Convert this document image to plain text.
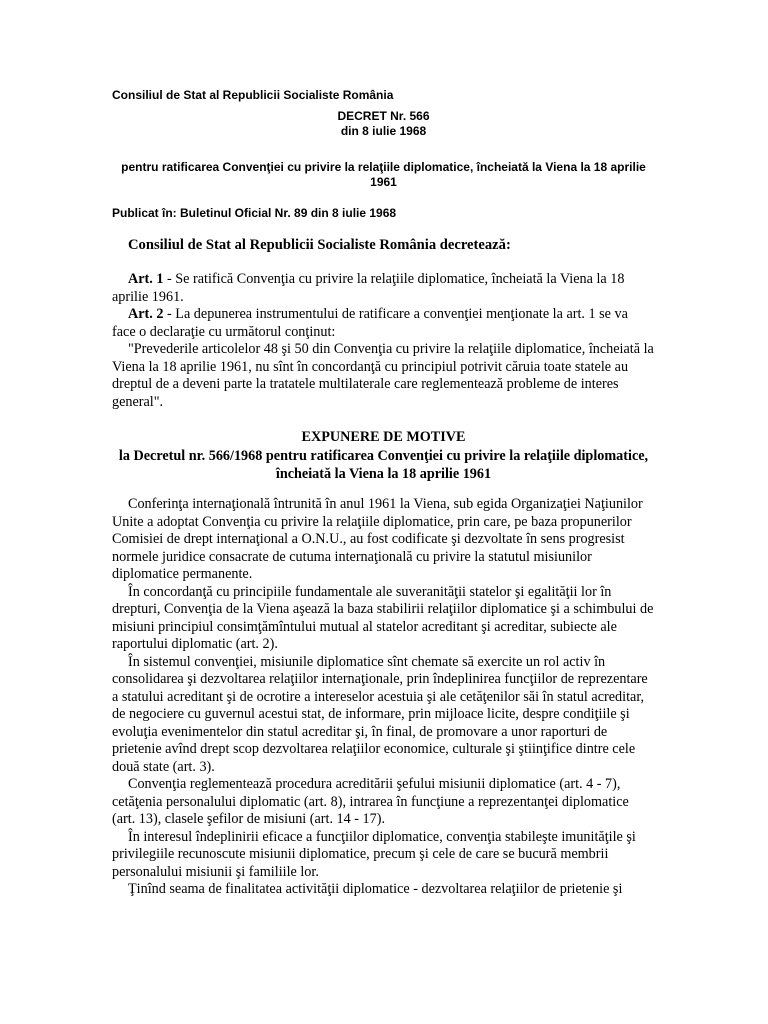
Consiliul de Stat al Republicii Socialiste România
DECRET Nr. 566
din 8 iulie 1968
pentru ratificarea Convenţiei cu privire la relaţiile diplomatice, încheiată la Viena la 18 aprilie 1961
Publicat în: Buletinul Oficial Nr. 89 din 8 iulie 1968
Consiliul de Stat al Republicii Socialiste România decretează:

Art. 1 - Se ratifică Convenţia cu privire la relaţiile diplomatice, încheiată la Viena la 18 aprilie 1961.

Art. 2 - La depunerea instrumentului de ratificare a convenţiei menţionate la art. 1 se va face o declaraţie cu următorul conţinut:

"Prevederile articolelor 48 şi 50 din Convenţia cu privire la relaţiile diplomatice, încheiată la Viena la 18 aprilie 1961, nu sînt în concordanţă cu principiul potrivit căruia toate statele au dreptul de a deveni parte la tratatele multilaterale care reglementează probleme de interes general".

EXPUNERE DE MOTIVE
la Decretul nr. 566/1968 pentru ratificarea Convenţiei cu privire la relaţiile diplomatice, încheiată la Viena la 18 aprilie 1961

Conferinţa internaţională întrunită în anul 1961 la Viena, sub egida Organizaţiei Naţiunilor Unite a adoptat Convenţia cu privire la relaţiile diplomatice, prin care, pe baza propunerilor Comisiei de drept internaţional a O.N.U., au fost codificate şi dezvoltate în sens progresist normele juridice consacrate de cutuma internaţională cu privire la statutul misiunilor diplomatice permanente.

În concordanţă cu principiile fundamentale ale suveranităţii statelor şi egalităţii lor în drepturi, Convenţia de la Viena aşează la baza stabilirii relaţiilor diplomatice şi a schimbului de misiuni principiul consimţămîntului mutual al statelor acreditant şi acreditar, subiecte ale raportului diplomatic (art. 2).

În sistemul convenţiei, misiunile diplomatice sînt chemate să exercite un rol activ în consolidarea şi dezvoltarea relaţiilor internaţionale, prin îndeplinirea funcţiilor de reprezentare a statului acreditant şi de ocrotire a intereselor acestuia şi ale cetăţenilor săi în statul acreditar, de negociere cu guvernul acestui stat, de informare, prin mijloace licite, despre condiţiile şi evoluţia evenimentelor din statul acreditar şi, în final, de promovare a unor raporturi de prietenie avînd drept scop dezvoltarea relaţiilor economice, culturale şi ştiinţifice dintre cele două state (art. 3).

Convenţia reglementează procedura acreditării şefului misiunii diplomatice (art. 4 - 7), cetăţenia personalului diplomatic (art. 8), intrarea în funcţiune a reprezentanţei diplomatice (art. 13), clasele şefilor de misiuni (art. 14 - 17).

În interesul îndeplinirii eficace a funcţiilor diplomatice, convenţia stabileşte imunităţile şi privilegiile recunoscute misiunii diplomatice, precum şi cele de care se bucură membrii personalului misiunii şi familiile lor.

Ţinînd seama de finalitatea activităţii diplomatice - dezvoltarea relaţiilor de prietenie şi
